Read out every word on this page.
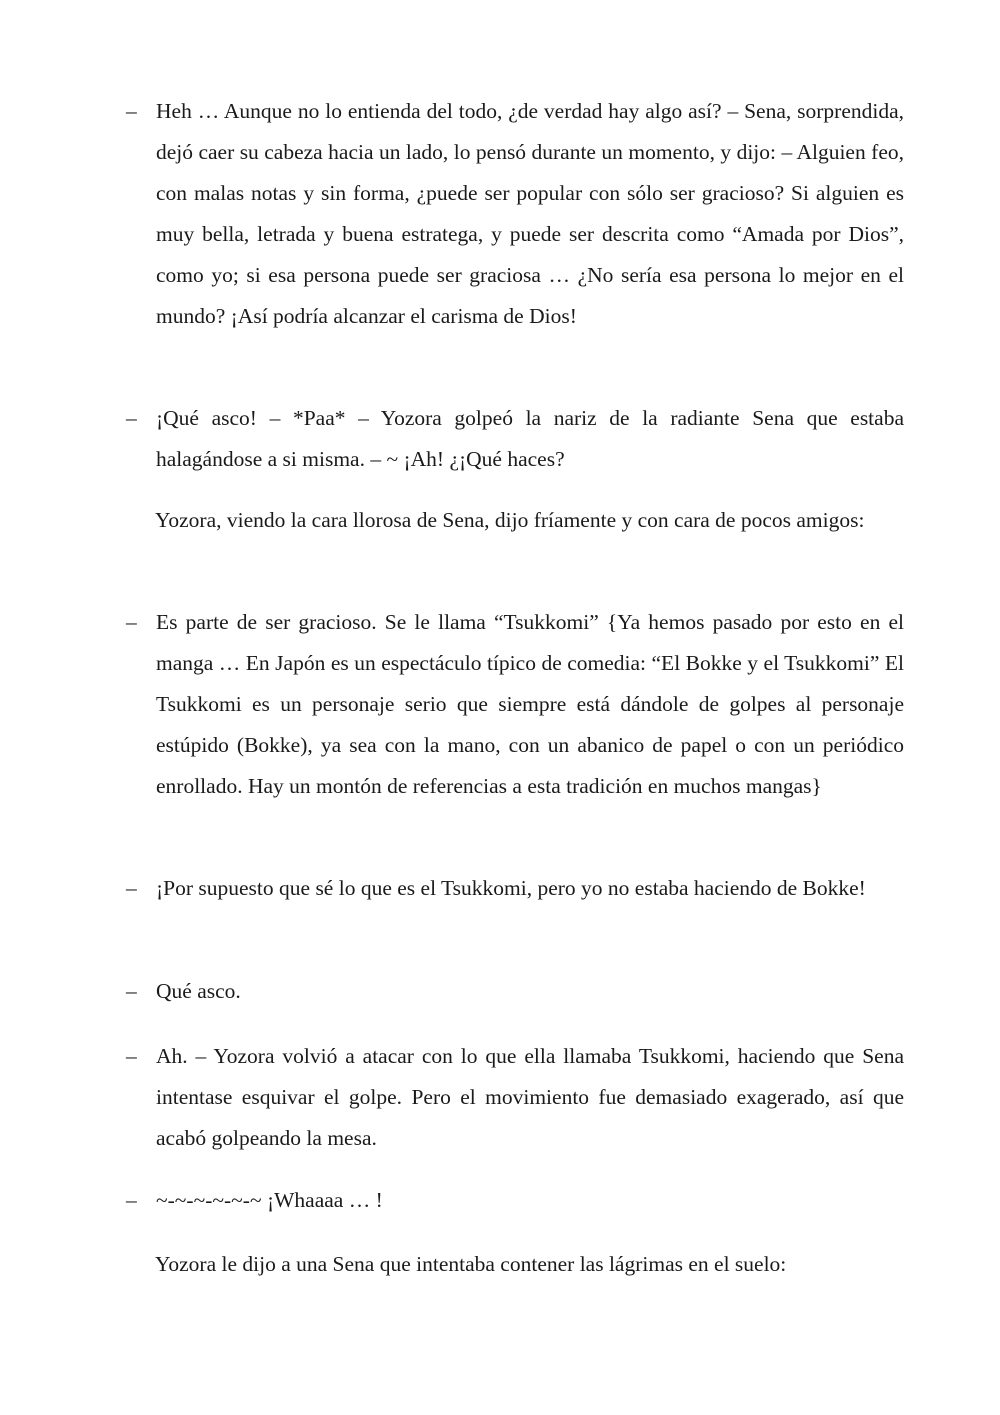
– Heh … Aunque no lo entienda del todo, ¿de verdad hay algo así? – Sena, sorprendida, dejó caer su cabeza hacia un lado, lo pensó durante un momento, y dijo: – Alguien feo, con malas notas y sin forma, ¿puede ser popular con sólo ser gracioso? Si alguien es muy bella, letrada y buena estratega, y puede ser descrita como “Amada por Dios”, como yo; si esa persona puede ser graciosa … ¿No sería esa persona lo mejor en el mundo? ¡Así podría alcanzar el carisma de Dios!
– ¡Qué asco! – *Paa* – Yozora golpeó la nariz de la radiante Sena que estaba halagándose a si misma. – ~ ¡Ah! ¿¡Qué haces?

Yozora, viendo la cara llorosa de Sena, dijo fríamente y con cara de pocos amigos:

– Es parte de ser gracioso. Se le llama “Tsukkomi” {Ya hemos pasado por esto en el manga … En Japón es un espectáculo típico de comedia: “El Bokke y el Tsukkomi” El Tsukkomi es un personaje serio que siempre está dándole de golpes al personaje estúpido (Bokke), ya sea con la mano, con un abanico de papel o con un periódico enrollado. Hay un montón de referencias a esta tradición en muchos mangas}
– ¡Por supuesto que sé lo que es el Tsukkomi, pero yo no estaba haciendo de Bokke!
– Qué asco.
– Ah. – Yozora volvió a atacar con lo que ella llamaba Tsukkomi, haciendo que Sena intentase esquivar el golpe. Pero el movimiento fue demasiado exagerado, así que acabó golpeando la mesa.
– ~-~-~-~-~-~ ¡Whaaaa … !

Yozora le dijo a una Sena que intentaba contener las lágrimas en el suelo:
